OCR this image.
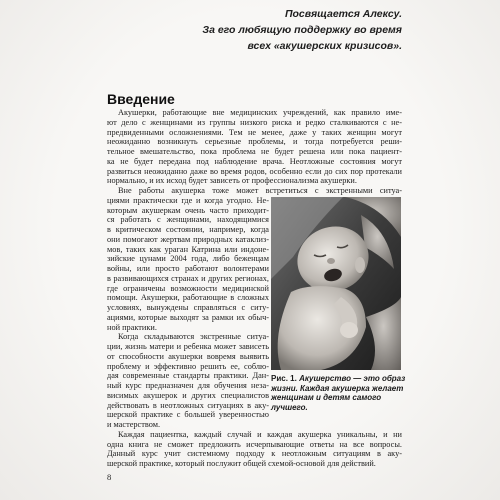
Посвящается Алексу.
За его любящую поддержку во время
всех «акушерских кризисов».
Введение
Акушерки, работающие вне медицинских учреждений, как правило име-
ют дело с женщинами из группы низкого риска и редко сталкиваются с не-
предвиденными осложнениями. Тем не менее, даже у таких женщин могут
неожиданно возникнуть серьезные проблемы, и тогда потребуется реши-
тельное вмешательство, пока проблема не будет решена или пока пациент-
ка не будет передана под наблюдение врача. Неотложные состояния могут
развиться неожиданно даже во время родов, особенно если до сих пор протекали
нормально, и их исход будет зависеть от профессионализма акушерки.
Вне работы акушерка тоже может встретиться с экстренными ситуа-
циями практически где и когда угодно. Не-
которым акушеркам очень часто приходит-
ся работать с женщинами, находящимися
в критическом состоянии, например, когда
они помогают жертвам природных катаклиз-
мов, таких как ураган Катрина или индоне-
зийские цунами 2004 года, либо беженцам
войны, или просто работают волонтерами
в развивающихся странах и других регионах,
где ограничены возможности медицинской
помощи. Акушерки, работающие в сложных
условиях, вынуждены справляться с ситу-
ациями, которые выходят за рамки их обыч-
ной практики.
Когда складываются экстренные ситуа-
ции, жизнь матери и ребенка может зависеть
от способности акушерки вовремя выявить
проблему и эффективно решить ее, соблю-
дая современные стандарты практики. Дан-
ный курс предназначен для обучения неза-
висимых акушерок и других специалистов
действовать в неотложных ситуациях в аку-
шерской практике с большей уверенностью
и мастерством.
Каждая пациентка, каждый случай и каждая акушерка уникальны, и ни
одна книга не сможет предложить исчерпывающие ответы на все вопросы.
Данный курс учит системному подходу к неотложным ситуациям в аку-
шерской практике, который послужит общей схемой-основой для действий.
Рис. 1. Акушерство — это образ
жизни. Каждая акушерка желает
женщинам и детям самого
лучшего.
8
